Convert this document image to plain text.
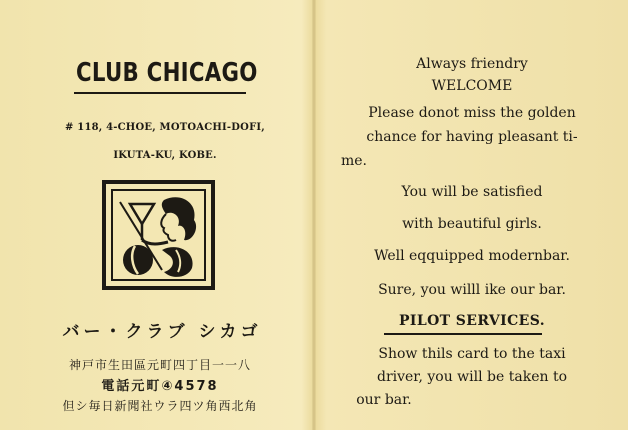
CLUB CHICAGO
# 118, 4-CHOE, MOTOACHI-DOFI,
IKUTA-KU, KOBE.
バー・クラブ シカゴ
神戸市生田區元町四丁目一一八
電話元町④4578
但シ毎日新聞社ウラ四ツ角西北角
Always friendry
WELCOME
Please donot miss the golden
chance for having pleasant ti-
me.
You will be satisfied
with beautiful girls.
Well eqquipped modernbar.
Sure, you willl ike our bar.
PILOT SERVICES.
Show thils card to the taxi
driver, you will be taken to
our bar.
